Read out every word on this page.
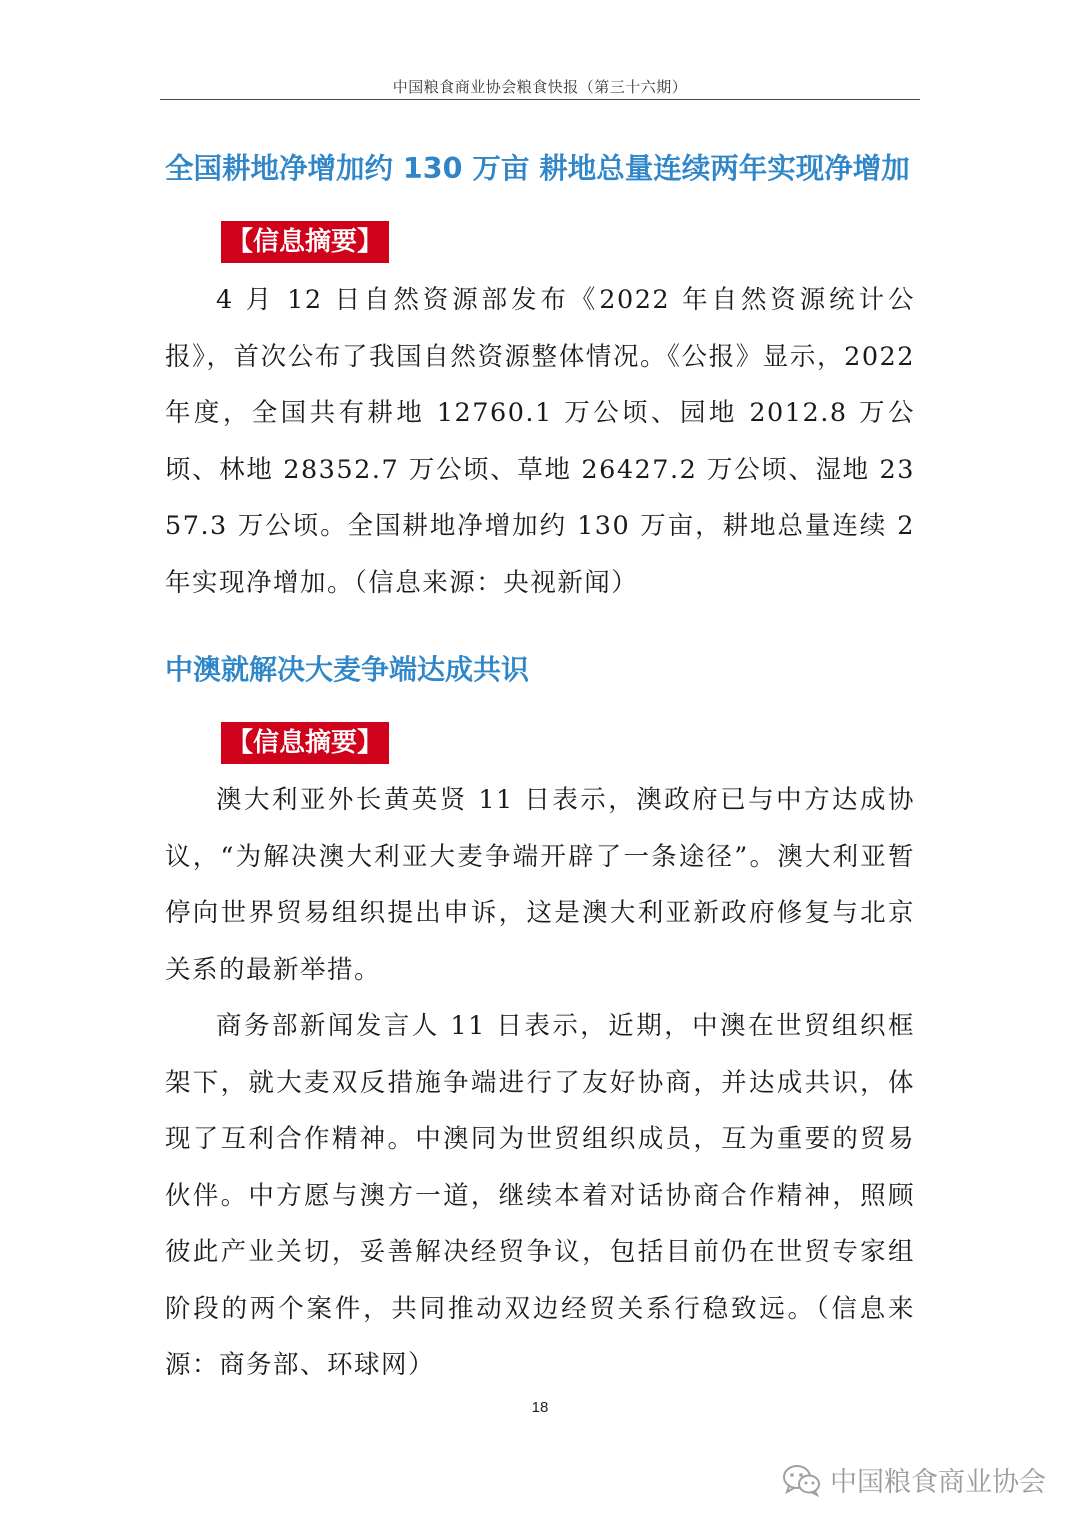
中国粮食商业协会粮食快报（第三十六期）
全国耕地净增加约 130 万亩 耕地总量连续两年实现净增加
【信息摘要】

4 月 12 日自然资源部发布《2022 年自然资源统计公报》，首次公布了我国自然资源整体情况。《公报》显示，2022 年度，全国共有耕地 12760.1 万公顷、园地 2012.8 万公顷、林地 28352.7 万公顷、草地 26427.2 万公顷、湿地 2357.3 万公顷。全国耕地净增加约 130 万亩，耕地总量连续 2 年实现净增加。（信息来源：央视新闻）

中澳就解决大麦争端达成共识
【信息摘要】

澳大利亚外长黄英贤 11 日表示，澳政府已与中方达成协议，“为解决澳大利亚大麦争端开辟了一条途径”。澳大利亚暂停向世界贸易组织提出申诉，这是澳大利亚新政府修复与北京关系的最新举措。

商务部新闻发言人 11 日表示，近期，中澳在世贸组织框架下，就大麦双反措施争端进行了友好协商，并达成共识，体现了互利合作精神。中澳同为世贸组织成员，互为重要的贸易伙伴。中方愿与澳方一道，继续本着对话协商合作精神，照顾彼此产业关切，妥善解决经贸争议，包括目前仍在世贸专家组阶段的两个案件，共同推动双边经贸关系行稳致远。（信息来源：商务部、环球网）

18
中国粮食商业协会
